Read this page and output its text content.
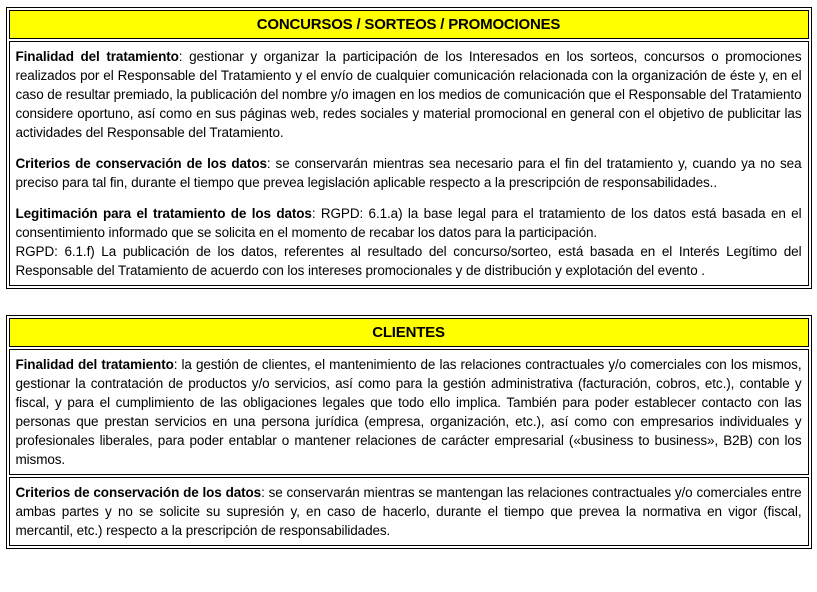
CONCURSOS / SORTEOS / PROMOCIONES

Finalidad del tratamiento: gestionar y organizar la participación de los Interesados en los sorteos, concursos o promociones realizados por el Responsable del Tratamiento y el envío de cualquier comunicación relacionada con la organización de éste y, en el caso de resultar premiado, la publicación del nombre y/o imagen en los medios de comunicación que el Responsable del Tratamiento considere oportuno, así como en sus páginas web, redes sociales y material promocional en general con el objetivo de publicitar las actividades del Responsable del Tratamiento.

Criterios de conservación de los datos: se conservarán mientras sea necesario para el fin del tratamiento y, cuando ya no sea preciso para tal fin, durante el tiempo que prevea legislación aplicable respecto a la prescripción de responsabilidades..

Legitimación para el tratamiento de los datos: RGPD: 6.1.a) la base legal para el tratamiento de los datos está basada en el consentimiento informado que se solicita en el momento de recabar los datos para la participación.
RGPD: 6.1.f) La publicación de los datos, referentes al resultado del concurso/sorteo, está basada en el Interés Legítimo del Responsable del Tratamiento de acuerdo con los intereses promocionales y de distribución y explotación del evento .

CLIENTES

Finalidad del tratamiento: la gestión de clientes, el mantenimiento de las relaciones contractuales y/o comerciales con los mismos, gestionar la contratación de productos y/o servicios, así como para la gestión administrativa (facturación, cobros, etc.), contable y fiscal, y para el cumplimiento de las obligaciones legales que todo ello implica. También para poder establecer contacto con las personas que prestan servicios en una persona jurídica (empresa, organización, etc.), así como con empresarios individuales y profesionales liberales, para poder entablar o mantener relaciones de carácter empresarial («business to business», B2B) con los mismos.

Criterios de conservación de los datos: se conservarán mientras se mantengan las relaciones contractuales y/o comerciales entre ambas partes y no se solicite su supresión y, en caso de hacerlo, durante el tiempo que prevea la normativa en vigor (fiscal, mercantil, etc.) respecto a la prescripción de responsabilidades.
